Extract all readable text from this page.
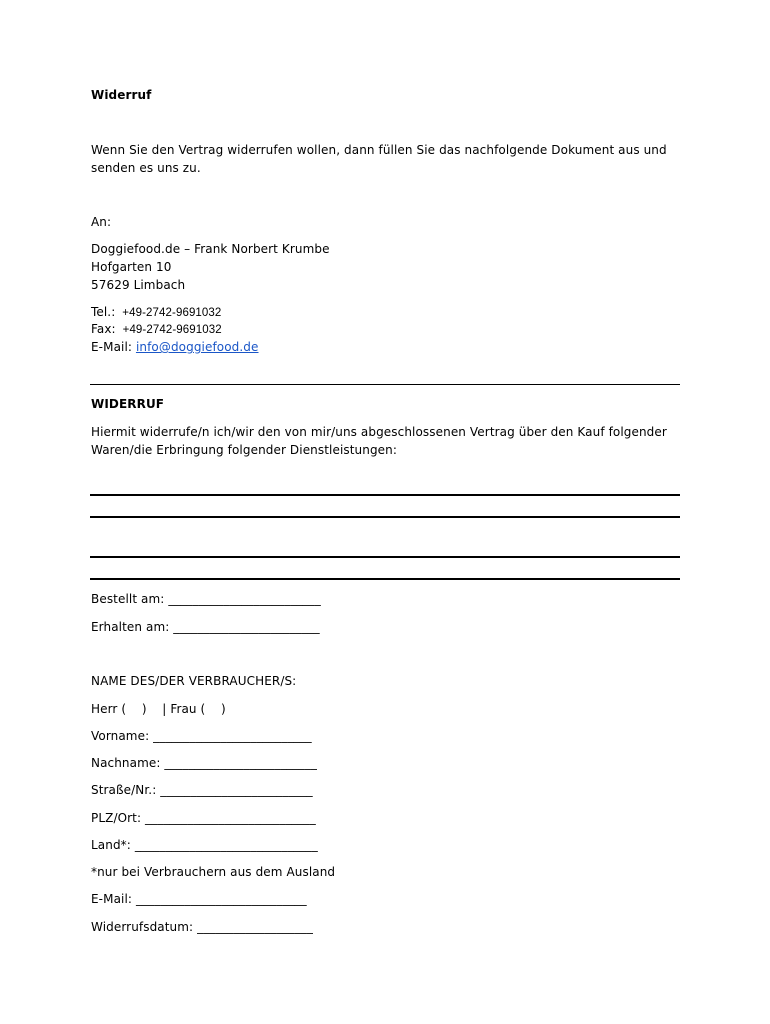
Widerruf
Wenn Sie den Vertrag widerrufen wollen, dann füllen Sie das nachfolgende Dokument aus und
senden es uns zu.
An:
Doggiefood.de – Frank Norbert Krumbe
Hofgarten 10
57629 Limbach
Tel.: +49-2742-9691032
Fax: +49-2742-9691032
E-Mail: info@doggiefood.de
WIDERRUF
Hiermit widerrufe/n ich/wir den von mir/uns abgeschlossenen Vertrag über den Kauf folgender
Waren/die Erbringung folgender Dienstleistungen:
Bestellt am: _________________________
Erhalten am: ________________________
NAME DES/DER VERBRAUCHER/S:
Herr (    )    | Frau (    )
Vorname: __________________________
Nachname: _________________________
Straße/Nr.: _________________________
PLZ/Ort: ____________________________
Land*: ______________________________
*nur bei Verbrauchern aus dem Ausland
E-Mail: ____________________________
Widerrufsdatum: ___________________
